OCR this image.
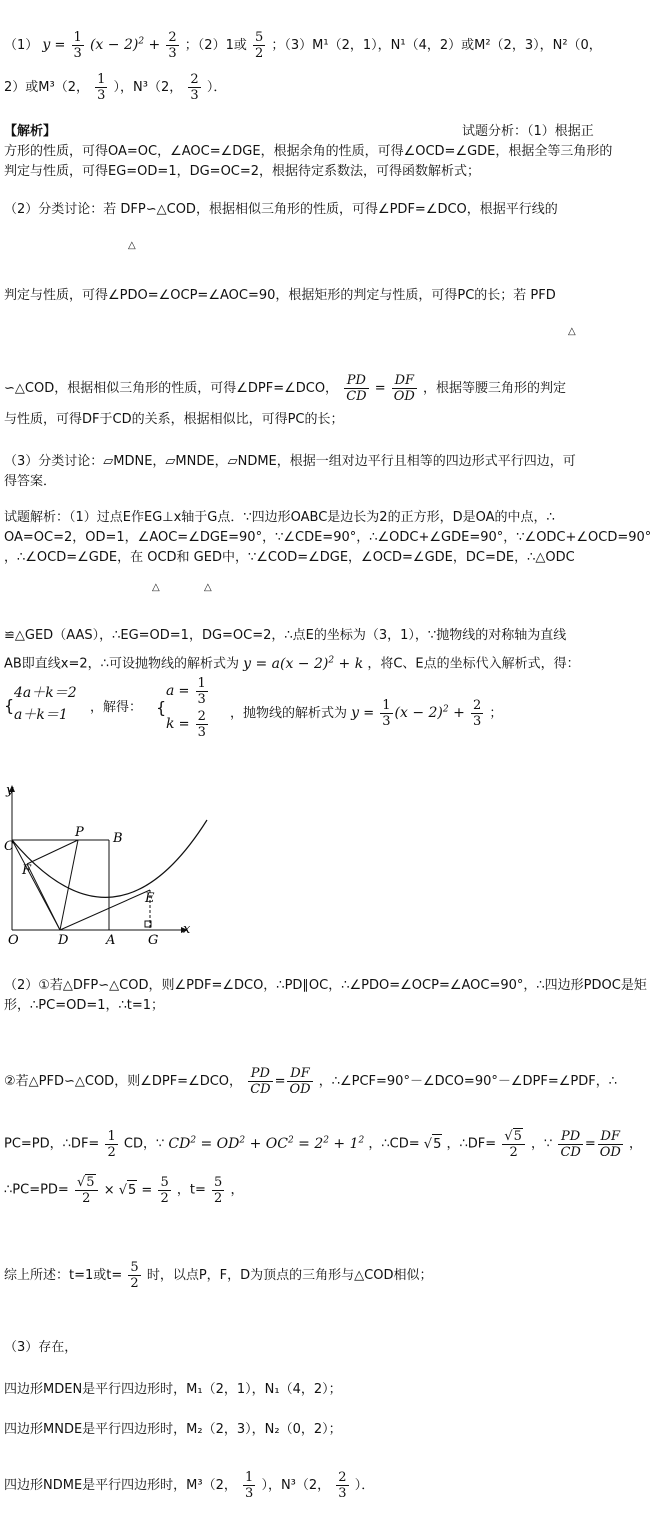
（1） $y = \frac{1}{3} (x - 2)^2 + \frac{2}{3}$ ；（2）1或 $\frac{5}{2}$ ；（3）M¹（2，1），N¹（4，2）或M²（2，3），N²（0，
2）或M³（2， $\frac{1}{3}$ ），N³（2， $\frac{2}{3}$ ）．
【解析】	试题分析：（1）根据正
方形的性质，可得OA=OC，∠AOC=∠DGE，根据余角的性质，可得∠OCD=∠GDE，根据全等三角形的
判定与性质，可得EG=OD=1，DG=OC=2，根据待定系数法，可得函数解析式；
（2）分类讨论：若 DFP∽△COD，根据相似三角形的性质，可得∠PDF=∠DCO，根据平行线的
△
判定与性质，可得∠PDO=∠OCP=∠AOC=90，根据矩形的判定与性质，可得PC的长；若 PFD
△
∽△COD，根据相似三角形的性质，可得∠DPF=∠DCO， $\frac{PD}{CD} = \frac{DF}{OD}$ ，根据等腰三角形的判定
与性质，可得DF于CD的关系，根据相似比，可得PC的长；
（3）分类讨论：▱MDNE，▱MNDE，▱NDME，根据一组对边平行且相等的四边形式平行四边，可
得答案．
试题解析：（1）过点E作EG⊥x轴于G点．∵四边形OABC是边长为2的正方形，D是OA的中点，∴
OA=OC=2，OD=1，∠AOC=∠DGE=90°，∵∠CDE=90°，∴∠ODC+∠GDE=90°，∵∠ODC+∠OCD=90°
，∴∠OCD=∠GDE，在 OCD和 GED中，∵∠COD=∠DGE，∠OCD=∠GDE，DC=DE，∴△ODC
△	△
≌△GED（AAS），∴EG=OD=1，DG=OC=2，∴点E的坐标为（3，1），∵抛物线的对称轴为直线
AB即直线x=2，∴可设抛物线的解析式为 $y = a(x - 2)^2 + k$ ，将C、E点的坐标代入解析式，得：
{
4a＋k＝2
a＋k＝1	，解得： {
$a = \frac{1}{3}$
$k = \frac{2}{3}$ ，抛物线的解析式为 $y = \frac{1}{3} (x - 2)^2 + \frac{2}{3}$ ；
y
x
C
P B
F
E
O	D	A	G
（2）①若△DFP∽△COD，则∠PDF=∠DCO，∴PD∥OC，∴∠PDO=∠OCP=∠AOC=90°，∴四边形PDOC是矩
形，∴PC=OD=1，∴t=1；
②若△PFD∽△COD，则∠DPF=∠DCO， $\frac{PD}{CD} = \frac{DF}{OD}$ ，∴∠PCF=90°－∠DCO=90°－∠DPF=∠PDF，∴
PC=PD，∴DF= $\frac{1}{2}$ CD，∵ $CD^2 = OD^2 + OC^2 = 2^2 + 1^2$ ，∴CD= √5 ，∴DF= $\frac{√5}{2}$ ，∵ $\frac{PD}{CD} = \frac{DF}{OD}$ ，
∴PC=PD= $\frac{√5}{2} \times √5 = \frac{5}{2}$ ，$t= \frac{5}{2}$ ，
综上所述：t=1或$t= \frac{5}{2}$ 时，以点P，F，D为顶点的三角形与△COD相似；
（3）存在，
四边形MDEN是平行四边形时，M₁（2，1），N₁（4，2）；
四边形MNDE是平行四边形时，M₂（2，3），N₂（0，2）；
四边形NDME是平行四边形时，M³（2， $\frac{1}{3}$ ），N³（2， $\frac{2}{3}$ ）．
